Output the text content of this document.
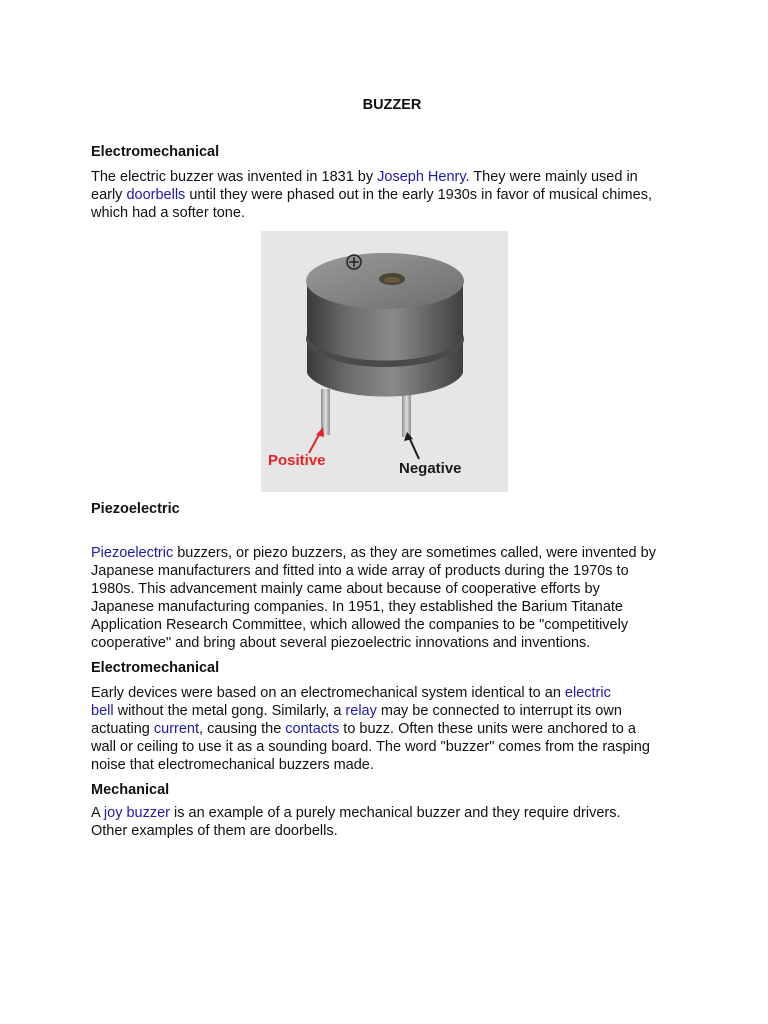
BUZZER
Electromechanical
The electric buzzer was invented in 1831 by Joseph Henry. They were mainly used in
early doorbells until they were phased out in the early 1930s in favor of musical chimes,
which had a softer tone.
Positive	Negative
Piezoelectric
Piezoelectric buzzers, or piezo buzzers, as they are sometimes called, were invented by
Japanese manufacturers and fitted into a wide array of products during the 1970s to
1980s. This advancement mainly came about because of cooperative efforts by
Japanese manufacturing companies. In 1951, they established the Barium Titanate
Application Research Committee, which allowed the companies to be "competitively
cooperative" and bring about several piezoelectric innovations and inventions.
Electromechanical
Early devices were based on an electromechanical system identical to an electric
bell without the metal gong. Similarly, a relay may be connected to interrupt its own
actuating current, causing the contacts to buzz. Often these units were anchored to a
wall or ceiling to use it as a sounding board. The word "buzzer" comes from the rasping
noise that electromechanical buzzers made.
Mechanical
A joy buzzer is an example of a purely mechanical buzzer and they require drivers.
Other examples of them are doorbells.
